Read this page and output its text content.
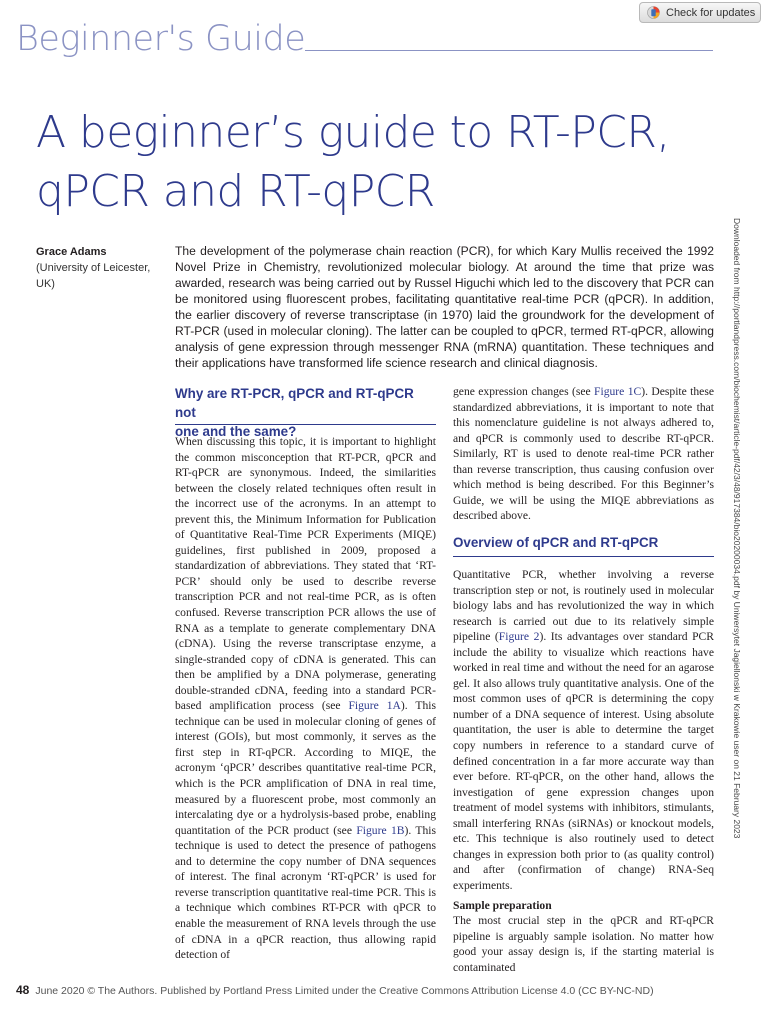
Check for updates
Beginner's Guide
A beginner’s guide to RT-PCR,
qPCR and RT-qPCR
Grace Adams (University of Leicester, UK)

The development of the polymerase chain reaction (PCR), for which Kary Mullis received the 1992 Novel Prize in Chemistry, revolutionized molecular biology. At around the time that prize was awarded, research was being carried out by Russel Higuchi which led to the discovery that PCR can be monitored using fluorescent probes, facilitating quantitative real-time PCR (qPCR). In addition, the earlier discovery of reverse transcriptase (in 1970) laid the groundwork for the development of RT-PCR (used in molecular cloning). The latter can be coupled to qPCR, termed RT-qPCR, allowing analysis of gene expression through messenger RNA (mRNA) quantitation. These techniques and their applications have transformed life science research and clinical diagnosis.	Downloaded from http://portlandpress.com/biochemist/article-pdf/42/3/48/917384/bio20200034.pdf by Uniwersytet Jagiellonski w Krakowie user on 21 February 2023
Why are RT-PCR, qPCR and RT-qPCR not
one and the same?

When discussing this topic, it is important to highlight the common misconception that RT-PCR, qPCR and RT-qPCR are synonymous. Indeed, the similarities between the closely related techniques often result in the incorrect use of the acronyms. In an attempt to prevent this, the Minimum Information for Publication of Quantitative Real-Time PCR Experiments (MIQE) guidelines, first published in 2009, proposed a standardization of abbreviations. They stated that ‘RT-PCR’ should only be used to describe reverse transcription PCR and not real-time PCR, as is often confused. Reverse transcription PCR allows the use of RNA as a template to generate complementary DNA (cDNA). Using the reverse transcriptase enzyme, a single-stranded copy of cDNA is generated. This can then be amplified by a DNA polymerase, generating double-stranded cDNA, feeding into a standard PCR-based amplification process (see Figure 1A). This technique can be used in molecular cloning of genes of interest (GOIs), but most commonly, it serves as the first step in RT-qPCR. According to MIQE, the acronym ‘qPCR’ describes quantitative real-time PCR, which is the PCR amplification of DNA in real time, measured by a fluorescent probe, most commonly an intercalating dye or a hydrolysis-based probe, enabling quantitation of the PCR product (see Figure 1B). This technique is used to detect the presence of pathogens and to determine the copy number of DNA sequences of interest. The final acronym ‘RT-qPCR’ is used for reverse transcription quantitative real-time PCR. This is a technique which combines RT-PCR with qPCR to enable the measurement of RNA levels through the use of cDNA in a qPCR reaction, thus allowing rapid detection of

gene expression changes (see Figure 1C). Despite these standardized abbreviations, it is important to note that this nomenclature guideline is not always adhered to, and qPCR is commonly used to describe RT-qPCR. Similarly, RT is used to denote real-time PCR rather than reverse transcription, thus causing confusion over which method is being described. For this Beginner’s Guide, we will be using the MIQE abbreviations as described above.

Overview of qPCR and RT-qPCR

Quantitative PCR, whether involving a reverse transcription step or not, is routinely used in molecular biology labs and has revolutionized the way in which research is carried out due to its relatively simple pipeline (Figure 2). Its advantages over standard PCR include the ability to visualize which reactions have worked in real time and without the need for an agarose gel. It also allows truly quantitative analysis. One of the most common uses of qPCR is determining the copy number of a DNA sequence of interest. Using absolute quantitation, the user is able to determine the target copy numbers in reference to a standard curve of defined concentration in a far more accurate way than ever before. RT-qPCR, on the other hand, allows the investigation of gene expression changes upon treatment of model systems with inhibitors, stimulants, small interfering RNAs (siRNAs) or knockout models, etc. This technique is also routinely used to detect changes in expression both prior to (as quality control) and after (confirmation of change) RNA-Seq experiments.

Sample preparation

The most crucial step in the qPCR and RT-qPCR pipeline is arguably sample isolation. No matter how good your assay design is, if the starting material is contaminated

48 June 2020 © The Authors. Published by Portland Press Limited under the Creative Commons Attribution License 4.0 (CC BY-NC-ND)
